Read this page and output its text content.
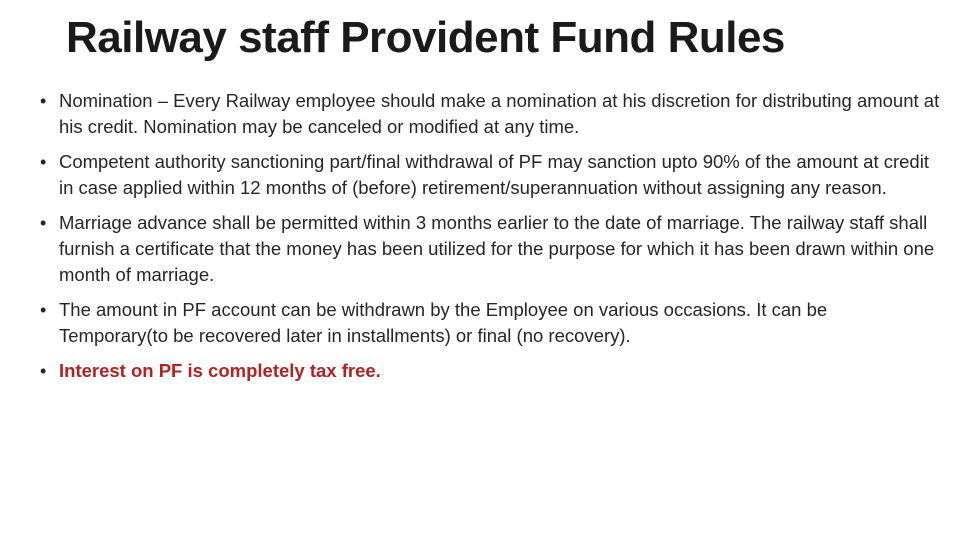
Railway staff Provident Fund Rules
• Nomination – Every Railway employee should make a nomination at his discretion for distributing amount at his credit. Nomination may be canceled or modified at any time.
• Competent authority sanctioning part/final withdrawal of PF may sanction upto 90% of the amount at credit in case applied within 12 months of (before) retirement/superannuation without assigning any reason.
• Marriage advance shall be permitted within 3 months earlier to the date of marriage. The railway staff shall furnish a certificate that the money has been utilized for the purpose for which it has been drawn within one month of marriage.
• The amount in PF account can be withdrawn by the Employee on various occasions. It can be Temporary(to be recovered later in installments) or final (no recovery).
• Interest on PF is completely tax free.
